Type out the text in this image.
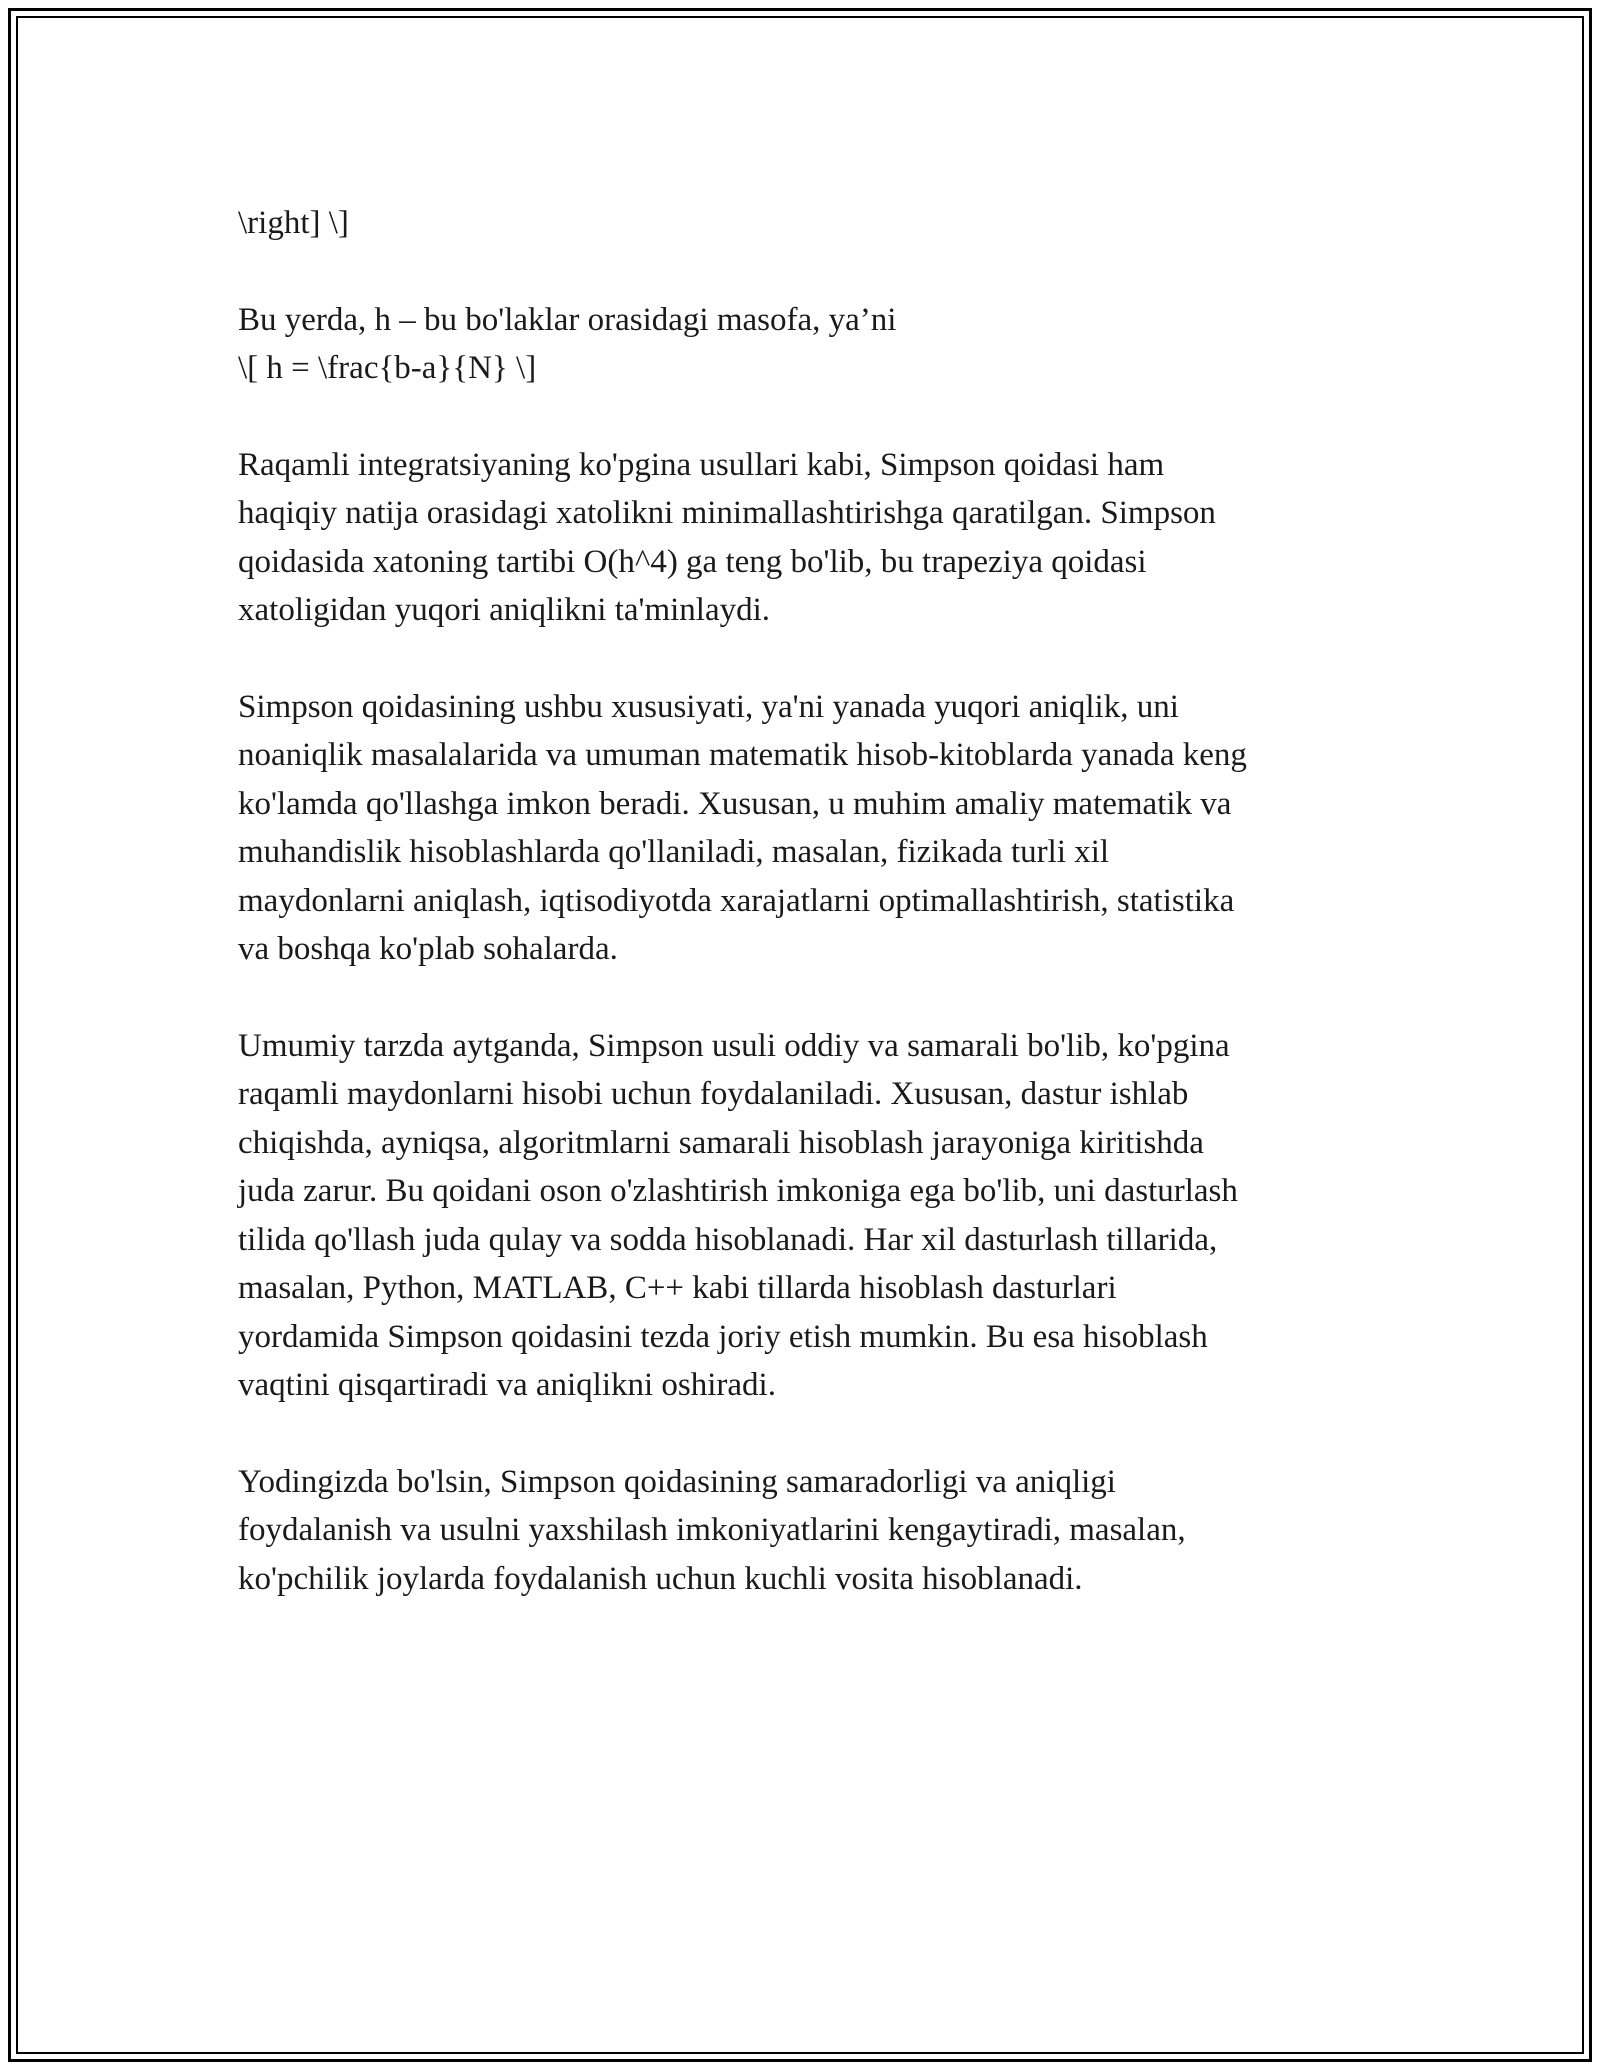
\right] \]

Bu yerda, h – bu bo'laklar orasidagi masofa, ya’ni
\[ h = \frac{b-a}{N} \]

Raqamli integratsiyaning ko'pgina usullari kabi, Simpson qoidasi ham
haqiqiy natija orasidagi xatolikni minimallashtirishga qaratilgan. Simpson
qoidasida xatoning tartibi O(h^4) ga teng bo'lib, bu trapeziya qoidasi
xatoligidan yuqori aniqlikni ta'minlaydi.

Simpson qoidasining ushbu xususiyati, ya'ni yanada yuqori aniqlik, uni
noaniqlik masalalarida va umuman matematik hisob-kitoblarda yanada keng
ko'lamda qo'llashga imkon beradi. Xususan, u muhim amaliy matematik va
muhandislik hisoblashlarda qo'llaniladi, masalan, fizikada turli xil
maydonlarni aniqlash, iqtisodiyotda xarajatlarni optimallashtirish, statistika
va boshqa ko'plab sohalarda.

Umumiy tarzda aytganda, Simpson usuli oddiy va samarali bo'lib, ko'pgina
raqamli maydonlarni hisobi uchun foydalaniladi. Xususan, dastur ishlab
chiqishda, ayniqsa, algoritmlarni samarali hisoblash jarayoniga kiritishda
juda zarur. Bu qoidani oson o'zlashtirish imkoniga ega bo'lib, uni dasturlash
tilida qo'llash juda qulay va sodda hisoblanadi. Har xil dasturlash tillarida,
masalan, Python, MATLAB, C++ kabi tillarda hisoblash dasturlari
yordamida Simpson qoidasini tezda joriy etish mumkin. Bu esa hisoblash
vaqtini qisqartiradi va aniqlikni oshiradi.

Yodingizda bo'lsin, Simpson qoidasining samaradorligi va aniqligi
foydalanish va usulni yaxshilash imkoniyatlarini kengaytiradi, masalan,
ko'pchilik joylarda foydalanish uchun kuchli vosita hisoblanadi.
